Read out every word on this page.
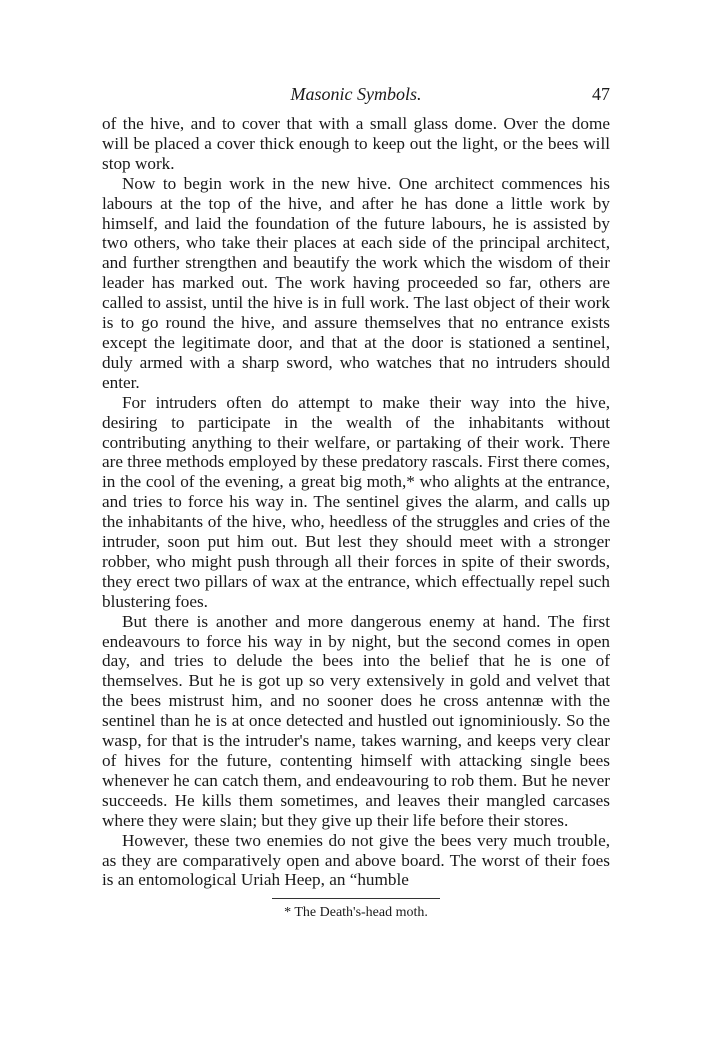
Masonic Symbols.	47

of the hive, and to cover that with a small glass dome. Over the dome will be placed a cover thick enough to keep out the light, or the bees will stop work.

Now to begin work in the new hive. One architect commences his labours at the top of the hive, and after he has done a little work by himself, and laid the foundation of the future labours, he is assisted by two others, who take their places at each side of the principal architect, and further strengthen and beautify the work which the wisdom of their leader has marked out. The work having proceeded so far, others are called to assist, until the hive is in full work. The last object of their work is to go round the hive, and assure themselves that no entrance exists except the legitimate door, and that at the door is stationed a sentinel, duly armed with a sharp sword, who watches that no intruders should enter.

For intruders often do attempt to make their way into the hive, desiring to participate in the wealth of the inhabitants without contributing anything to their welfare, or partaking of their work. There are three methods employed by these predatory rascals. First there comes, in the cool of the evening, a great big moth,* who alights at the entrance, and tries to force his way in. The sentinel gives the alarm, and calls up the inhabitants of the hive, who, heedless of the struggles and cries of the intruder, soon put him out. But lest they should meet with a stronger robber, who might push through all their forces in spite of their swords, they erect two pillars of wax at the entrance, which effectually repel such blustering foes.

But there is another and more dangerous enemy at hand. The first endeavours to force his way in by night, but the second comes in open day, and tries to delude the bees into the belief that he is one of themselves. But he is got up so very extensively in gold and velvet that the bees mistrust him, and no sooner does he cross antennæ with the sentinel than he is at once detected and hustled out ignominiously. So the wasp, for that is the intruder's name, takes warning, and keeps very clear of hives for the future, contenting himself with attacking single bees whenever he can catch them, and endeavouring to rob them. But he never succeeds. He kills them sometimes, and leaves their mangled carcases where they were slain; but they give up their life before their stores.

However, these two enemies do not give the bees very much trouble, as they are comparatively open and above board. The worst of their foes is an entomological Uriah Heep, an “humble

* The Death's-head moth.
